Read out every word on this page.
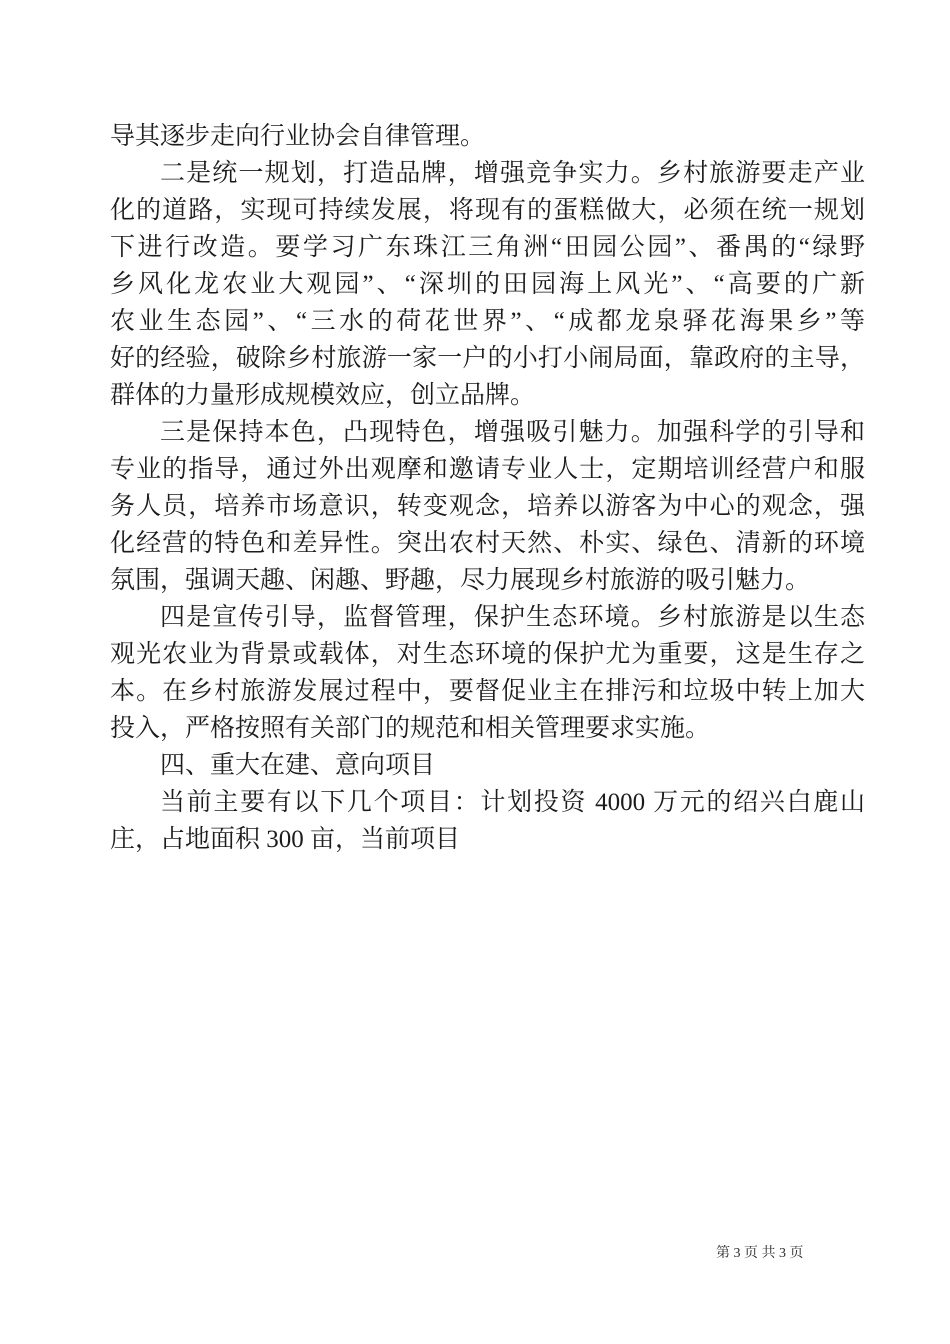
导其逐步走向行业协会自律管理。
二是统一规划，打造品牌，增强竞争实力。乡村旅游要走产业
化的道路，实现可持续发展，将现有的蛋糕做大，必须在统一规划
下进行改造。要学习广东珠江三角洲“田园公园”、番禺的“绿野
乡风化龙农业大观园”、“深圳的田园海上风光”、“高要的广新
农业生态园”、“三水的荷花世界”、“成都龙泉驿花海果乡”等
好的经验，破除乡村旅游一家一户的小打小闹局面，靠政府的主导，
群体的力量形成规模效应，创立品牌。
三是保持本色，凸现特色，增强吸引魅力。加强科学的引导和
专业的指导，通过外出观摩和邀请专业人士，定期培训经营户和服
务人员，培养市场意识，转变观念，培养以游客为中心的观念，强
化经营的特色和差异性。突出农村天然、朴实、绿色、清新的环境
氛围，强调天趣、闲趣、野趣，尽力展现乡村旅游的吸引魅力。
四是宣传引导，监督管理，保护生态环境。乡村旅游是以生态
观光农业为背景或载体，对生态环境的保护尤为重要，这是生存之
本。在乡村旅游发展过程中，要督促业主在排污和垃圾中转上加大
投入，严格按照有关部门的规范和相关管理要求实施。
四、重大在建、意向项目
当前主要有以下几个项目：计划投资 4000 万元的绍兴白鹿山
庄，占地面积 300 亩，当前项目
第 3 页 共 3 页
